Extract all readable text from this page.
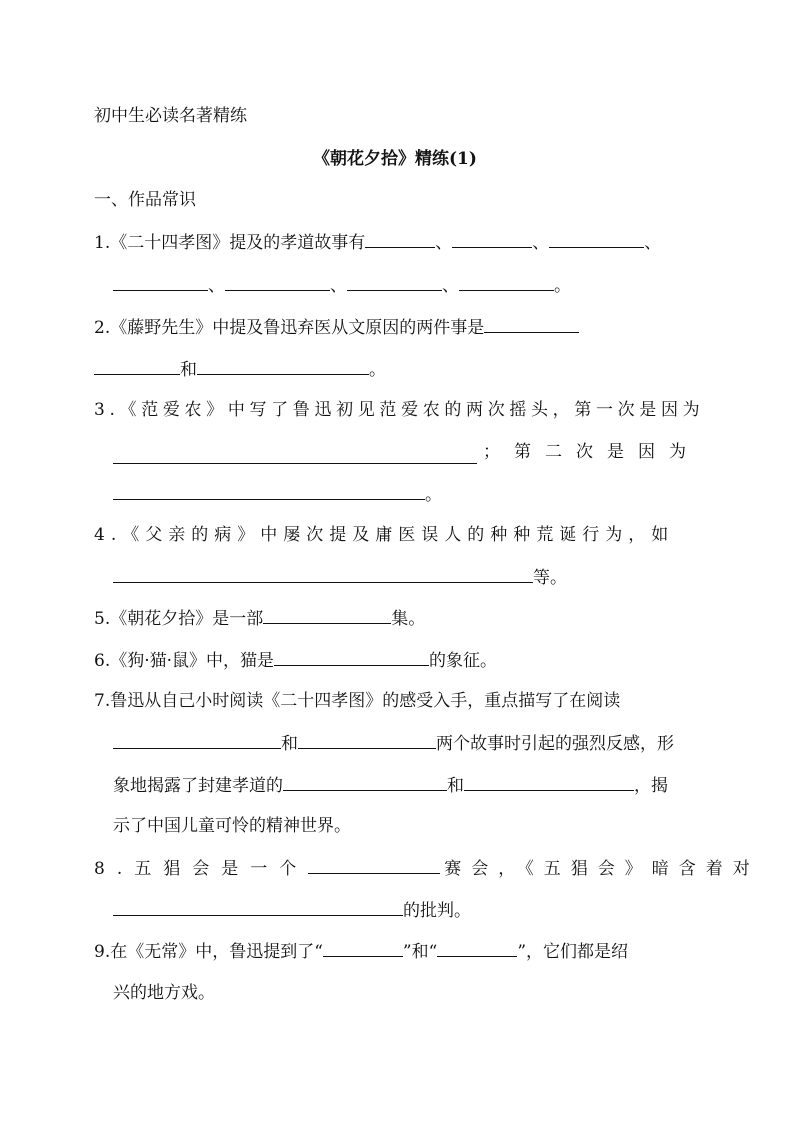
初中生必读名著精练
《朝花夕拾》精练(1)
一、作品常识
1.《二十四孝图》提及的孝道故事有	、	、	、
、	、	、	。
2.《藤野先生》中提及鲁迅弃医从文原因的两件事是
和	。
3 . 《 范 爱 农 》 中 写 了 鲁 迅 初 见 范 爱 农 的 两 次 摇 头 ， 第 一 次 是 因 为
；第二次是因为
。
4.《父亲的病》中屡次提及庸医误人的种种荒诞行为，如
等。
5.《朝花夕拾》是一部	集。
6.《狗·猫·鼠》中，猫是	的象征。
7.鲁迅从自己小时阅读《二十四孝图》的感受入手，重点描写了在阅读
和	两个故事时引起的强烈反感，形
象地揭露了封建孝道的	和	，揭
示了中国儿童可怜的精神世界。
8.五猖会是一个	赛会，《五猖会》暗含着对
的批判。
9.在《无常》中，鲁迅提到了“	”和“	”，它们都是绍
兴的地方戏。
